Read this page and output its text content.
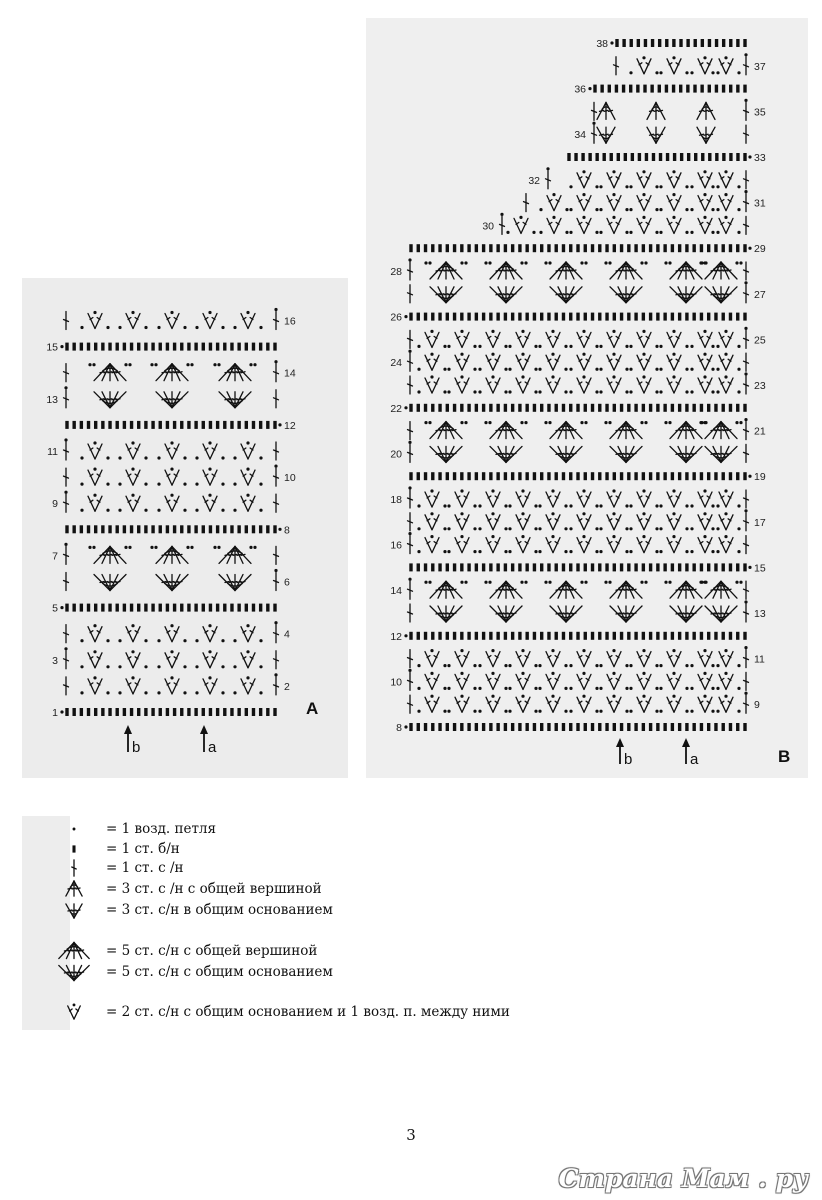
1
2
3
4
5
6
7
8
9
10
11
12
13
14
15
16
A
b	a
8
9
10
11
12
13
14
15
16
17
18
19
20
21
22
23
24
25
26
27
28
29
30
31
32
33
34
35
36
37
38
B
b	a
= 1 возд. петля
= 1 ст. б/н
= 1 ст. с /н
= 3 ст. с /н с общей вершиной
= 3 ст. с/н в общим основанием
= 5 ст. с/н с общей вершиной
= 5 ст. с/н с общим основанием
= 2 ст. с/н с общим основанием и 1 возд. п. между ними
3
Страна Мам . ру
